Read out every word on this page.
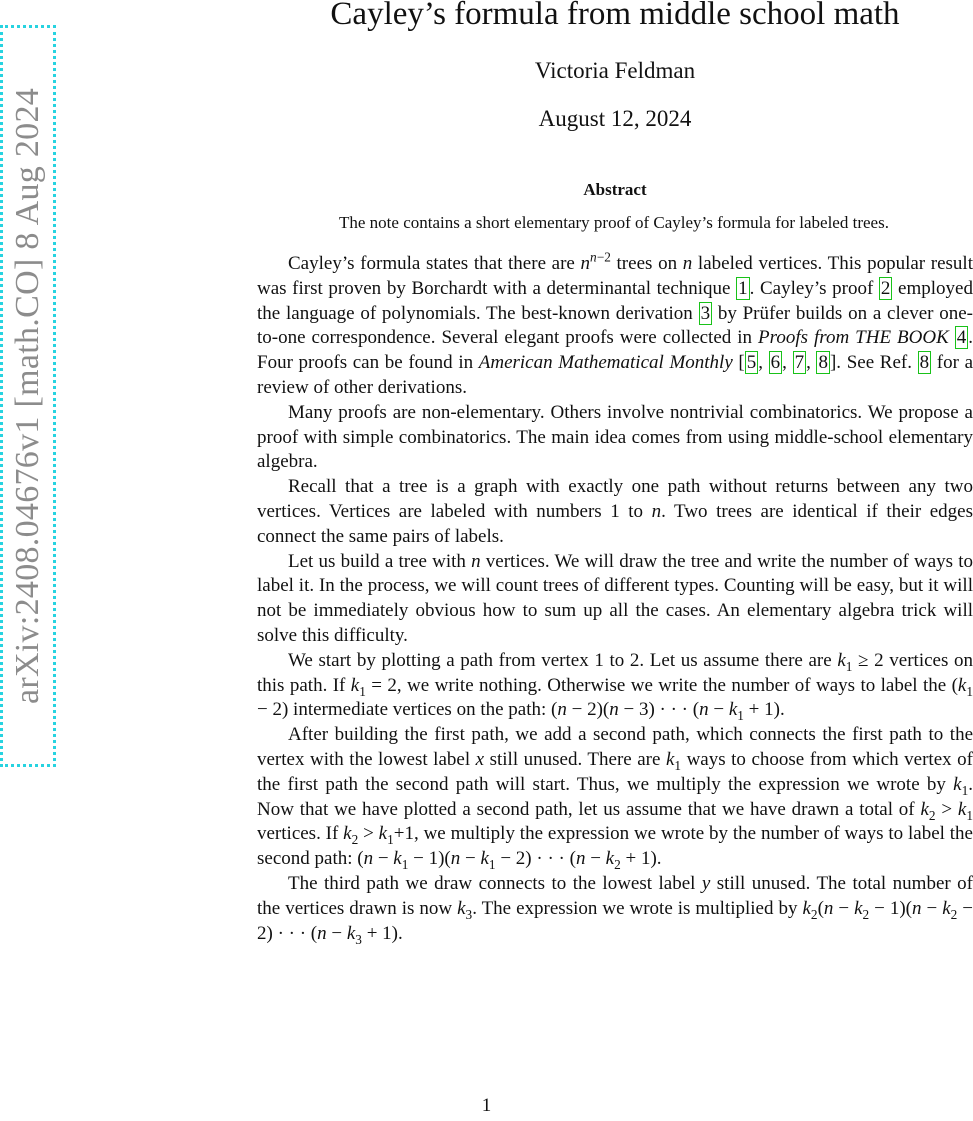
arXiv:2408.04676v1 [math.CO] 8 Aug 2024
Cayley’s formula from middle school math
Victoria Feldman
August 12, 2024
Abstract
The note contains a short elementary proof of Cayley’s formula for labeled trees.

Cayley’s formula states that there are $n^{n-2}$ trees on n labeled vertices. This popular result was first proven by Borchardt with a determinantal technique 1 . Cayley’s proof 2 employed the language of polynomials. The best-known derivation 3 by Prüfer builds on a clever one-to-one correspondence. Several elegant proofs were collected in Proofs from THE BOOK 4 . Four proofs can be found in American Mathematical Monthly [ 5 , 6 , 7 , 8 ]. See Ref. 8 for a review of other derivations.

Many proofs are non-elementary. Others involve nontrivial combinatorics. We propose a proof with simple combinatorics. The main idea comes from using middle-school elementary algebra.

Recall that a tree is a graph with exactly one path without returns between any two vertices. Vertices are labeled with numbers 1 to n. Two trees are identical if their edges connect the same pairs of labels.

Let us build a tree with n vertices. We will draw the tree and write the number of ways to label it. In the process, we will count trees of different types. Counting will be easy, but it will not be immediately obvious how to sum up all the cases. An elementary algebra trick will solve this difficulty.

We start by plotting a path from vertex 1 to 2. Let us assume there are $k_1 \ge 2$ vertices on this path. If $k_1 = 2$, we write nothing. Otherwise we write the number of ways to label the $(k_1 - 2)$ intermediate vertices on the path: (n − 2)(n − 3) · · · $(n - k_1 + 1)$.

After building the first path, we add a second path, which connects the first path to the vertex with the lowest label x still unused. There are $k_1$ ways to choose from which vertex of the first path the second path will start. Thus, we multiply the expression we wrote by $k_1$. Now that we have plotted a second path, let us assume that we have drawn a total of $k_2 > k_1$ vertices. If $k_2 > k_1+1$, we multiply the expression we wrote by the number of ways to label the second path: $(n - k_1 - 1)(n - k_1 - 2)$ · · · $(n - k_2 + 1)$.

The third path we draw connects to the lowest label y still unused. The total number of the vertices drawn is now $k_3$. The expression we wrote is multiplied by $k_2(n - k_2 - 1)(n - k_2 - 2)$ · · · $(n - k_3 + 1)$.

1
